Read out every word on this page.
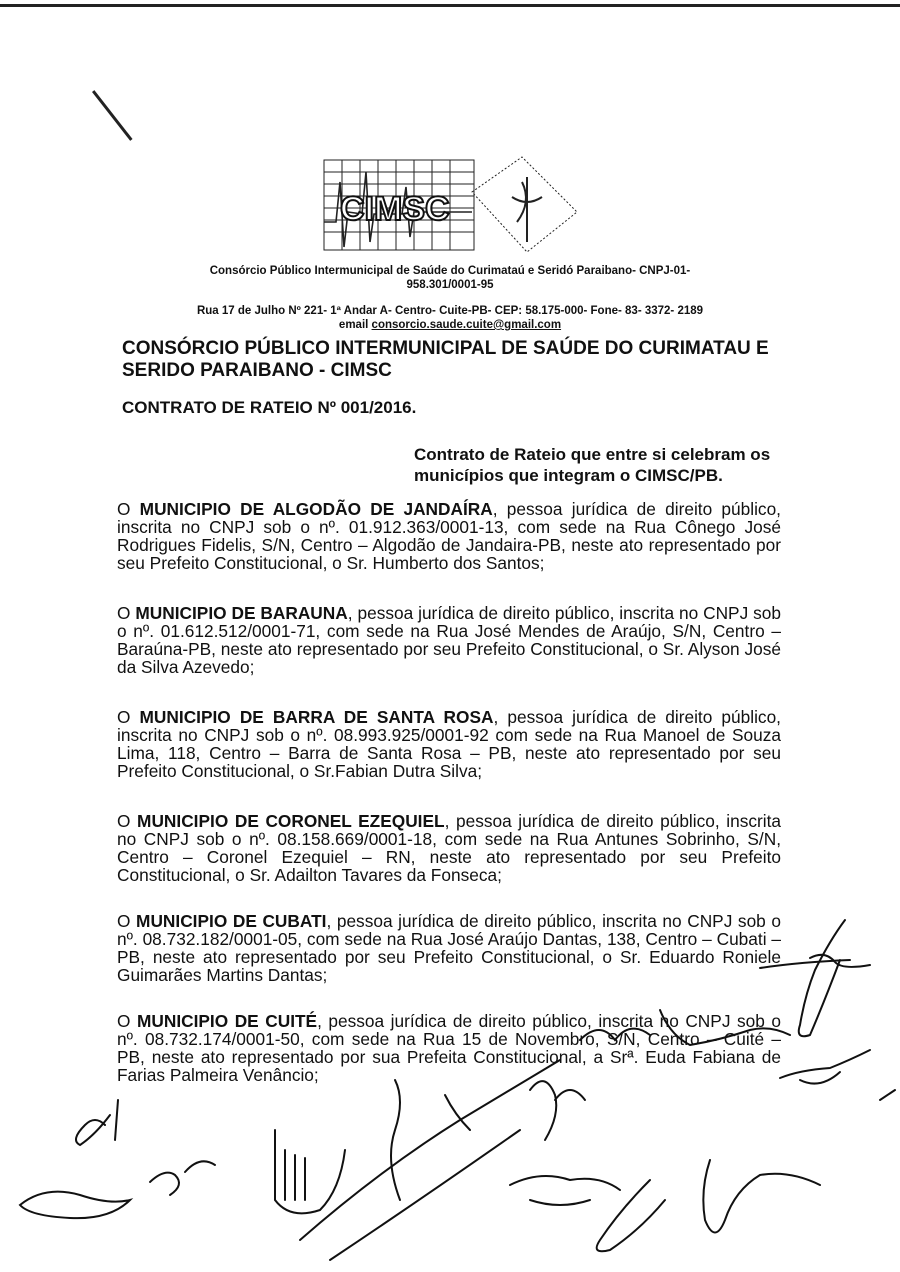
CIMSC
Consórcio Público Intermunicipal de Saúde do Curimataú e Seridó Paraibano- CNPJ-01-
958.301/0001-95
Rua 17 de Julho Nº 221- 1ª Andar A- Centro- Cuite-PB- CEP: 58.175-000- Fone- 83- 3372- 2189
email consorcio.saude.cuite@gmail.com
CONSÓRCIO PÚBLICO INTERMUNICIPAL DE SAÚDE DO CURIMATAU E SERIDO PARAIBANO - CIMSC
CONTRATO DE RATEIO Nº 001/2016.
Contrato de Rateio que entre si celebram os municípios que integram o CIMSC/PB.
O MUNICIPIO DE ALGODÃO DE JANDAÍRA, pessoa jurídica de direito público, inscrita no CNPJ sob o nº. 01.912.363/0001-13, com sede na Rua Cônego José Rodrigues Fidelis, S/N, Centro – Algodão de Jandaira-PB, neste ato representado por seu Prefeito Constitucional, o Sr. Humberto dos Santos;
O MUNICIPIO DE BARAUNA, pessoa jurídica de direito público, inscrita no CNPJ sob o nº. 01.612.512/0001-71, com sede na Rua José Mendes de Araújo, S/N, Centro – Baraúna-PB, neste ato representado por seu Prefeito Constitucional, o Sr. Alyson José da Silva Azevedo;
O MUNICIPIO DE BARRA DE SANTA ROSA, pessoa jurídica de direito público, inscrita no CNPJ sob o nº. 08.993.925/0001-92 com sede na Rua Manoel de Souza Lima, 118, Centro – Barra de Santa Rosa – PB, neste ato representado por seu Prefeito Constitucional, o Sr.Fabian Dutra Silva;
O MUNICIPIO DE CORONEL EZEQUIEL, pessoa jurídica de direito público, inscrita no CNPJ sob o nº. 08.158.669/0001-18, com sede na Rua Antunes Sobrinho, S/N, Centro – Coronel Ezequiel – RN, neste ato representado por seu Prefeito Constitucional, o Sr. Adailton Tavares da Fonseca;
O MUNICIPIO DE CUBATI, pessoa jurídica de direito público, inscrita no CNPJ sob o nº. 08.732.182/0001-05, com sede na Rua José Araújo Dantas, 138, Centro – Cubati –PB, neste ato representado por seu Prefeito Constitucional, o Sr. Eduardo Roniele Guimarães Martins Dantas;
O MUNICIPIO DE CUITÉ, pessoa jurídica de direito público, inscrita no CNPJ sob o nº. 08.732.174/0001-50, com sede na Rua 15 de Novembro, S/N, Centro – Cuité – PB, neste ato representado por sua Prefeita Constitucional, a Srª. Euda Fabiana de Farias Palmeira Venâncio;
